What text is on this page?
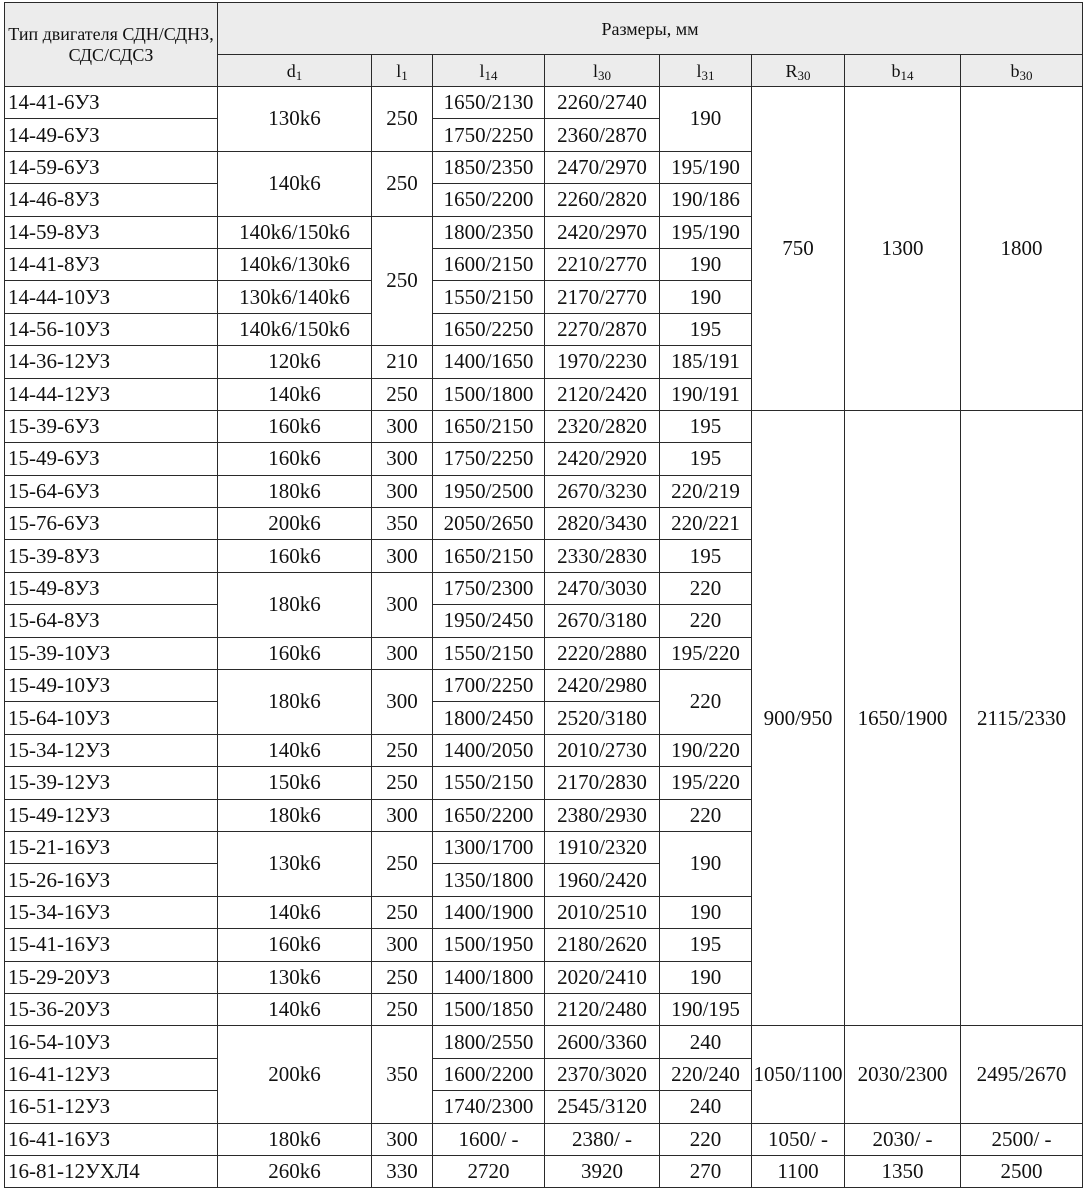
Тип двигателя СДН/СДНЗ, СДС/СДСЗ	Размеры, мм							
	$d_1$	$l_1$	$l_{14}$	$l_{30}$	$l_{31}$	$R_{30}$	$b_{14}$	$b_{30}$
14-41-6УЗ	130k6	250	1650/2130	2260/2740	190	750	1300	1800
14-49-6УЗ			1750/2250	2360/2870				
14-59-6УЗ	140k6	250	1850/2350	2470/2970	195/190			
14-46-8УЗ			1650/2200	2260/2820	190/186			
14-59-8УЗ	140k6/150k6	250	1800/2350	2420/2970	195/190			
14-41-8УЗ	140k6/130k6		1600/2150	2210/2770	190			
14-44-10УЗ	130k6/140k6		1550/2150	2170/2770	190			
14-56-10УЗ	140k6/150k6		1650/2250	2270/2870	195			
14-36-12УЗ	120k6	210	1400/1650	1970/2230	185/191			
14-44-12УЗ	140k6	250	1500/1800	2120/2420	190/191			
15-39-6УЗ	160k6	300	1650/2150	2320/2820	195	900/950	1650/1900	2115/2330
15-49-6УЗ	160k6	300	1750/2250	2420/2920	195			
15-64-6УЗ	180k6	300	1950/2500	2670/3230	220/219			
15-76-6УЗ	200k6	350	2050/2650	2820/3430	220/221			
15-39-8УЗ	160k6	300	1650/2150	2330/2830	195			
15-49-8УЗ	180k6	300	1750/2300	2470/3030	220			
15-64-8УЗ			1950/2450	2670/3180	220			
15-39-10УЗ	160k6	300	1550/2150	2220/2880	195/220			
15-49-10УЗ	180k6	300	1700/2250	2420/2980	220			
15-64-10УЗ			1800/2450	2520/3180				
15-34-12УЗ	140k6	250	1400/2050	2010/2730	190/220			
15-39-12УЗ	150k6	250	1550/2150	2170/2830	195/220			
15-49-12УЗ	180k6	300	1650/2200	2380/2930	220			
15-21-16УЗ	130k6	250	1300/1700	1910/2320	190			
15-26-16УЗ			1350/1800	1960/2420				
15-34-16УЗ	140k6	250	1400/1900	2010/2510	190			
15-41-16УЗ	160k6	300	1500/1950	2180/2620	195			
15-29-20УЗ	130k6	250	1400/1800	2020/2410	190			
15-36-20УЗ	140k6	250	1500/1850	2120/2480	190/195			
16-54-10УЗ	200k6	350	1800/2550	2600/3360	240	1050/1100	2030/2300	2495/2670
16-41-12УЗ			1600/2200	2370/3020	220/240			
16-51-12УЗ			1740/2300	2545/3120	240			
16-41-16УЗ	180k6	300	1600/ -	2380/ -	220	1050/ -	2030/ -	2500/ -
16-81-12УХЛ4	260k6	330	2720	3920	270	1100	1350	2500
